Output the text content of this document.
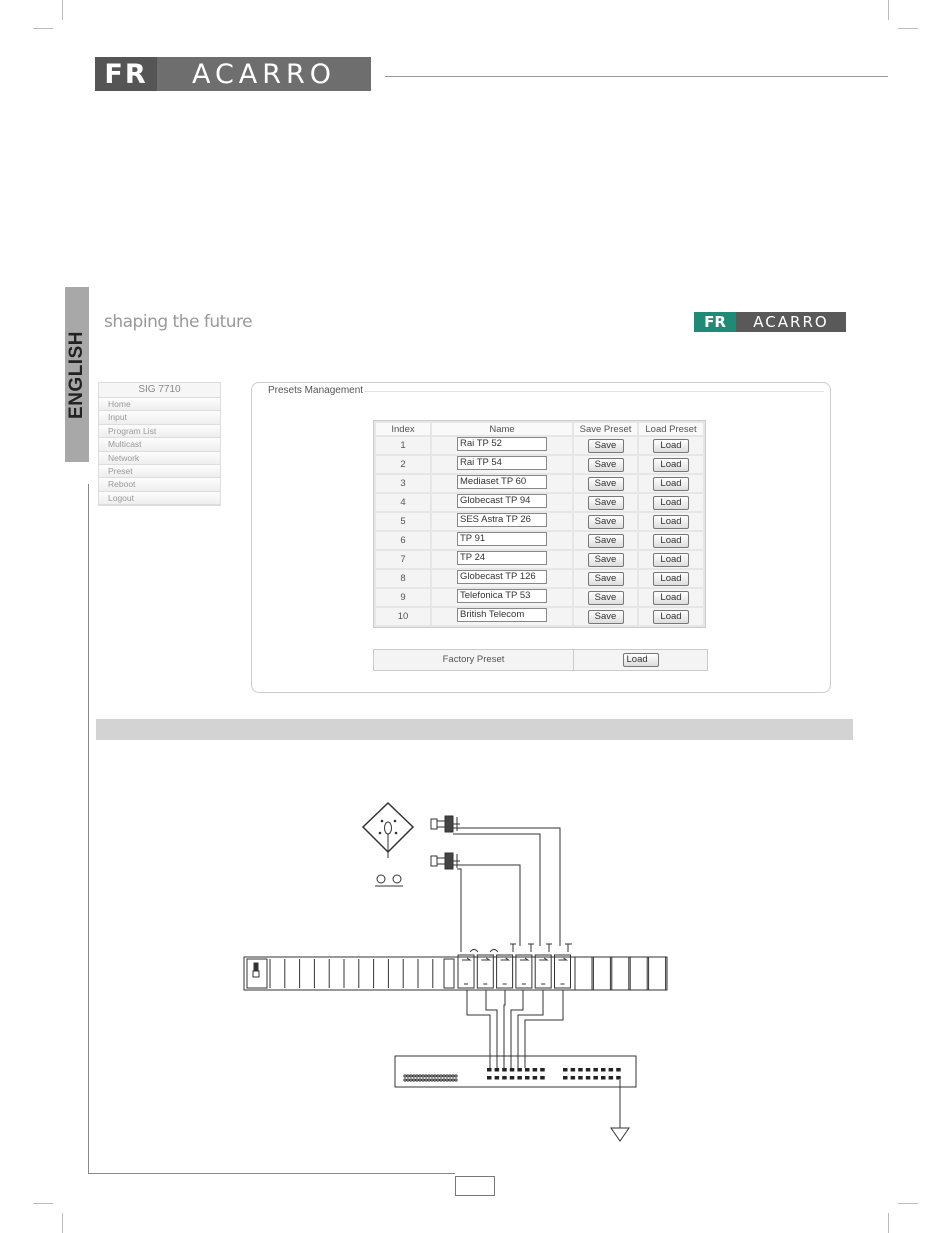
FR	ACARRO
ENGLISH
shaping the future	FR	ACARRO
SIG 7710
Home
Input
Program List
Multicast
Network
Preset
Reboot
Logout
Presets Management
Index	Name	Save Preset	Load Preset
1	Rai TP 52	Save	Load
2	Rai TP 54	Save	Load
3	Mediaset TP 60	Save	Load
4	Globecast TP 94	Save	Load
5	SES Astra TP 26	Save	Load
6	TP 91	Save	Load
7	TP 24	Save	Load
8	Globecast TP 126	Save	Load
9	Telefonica TP 53	Save	Load
10	British Telecom	Save	Load
Factory Preset	Load
